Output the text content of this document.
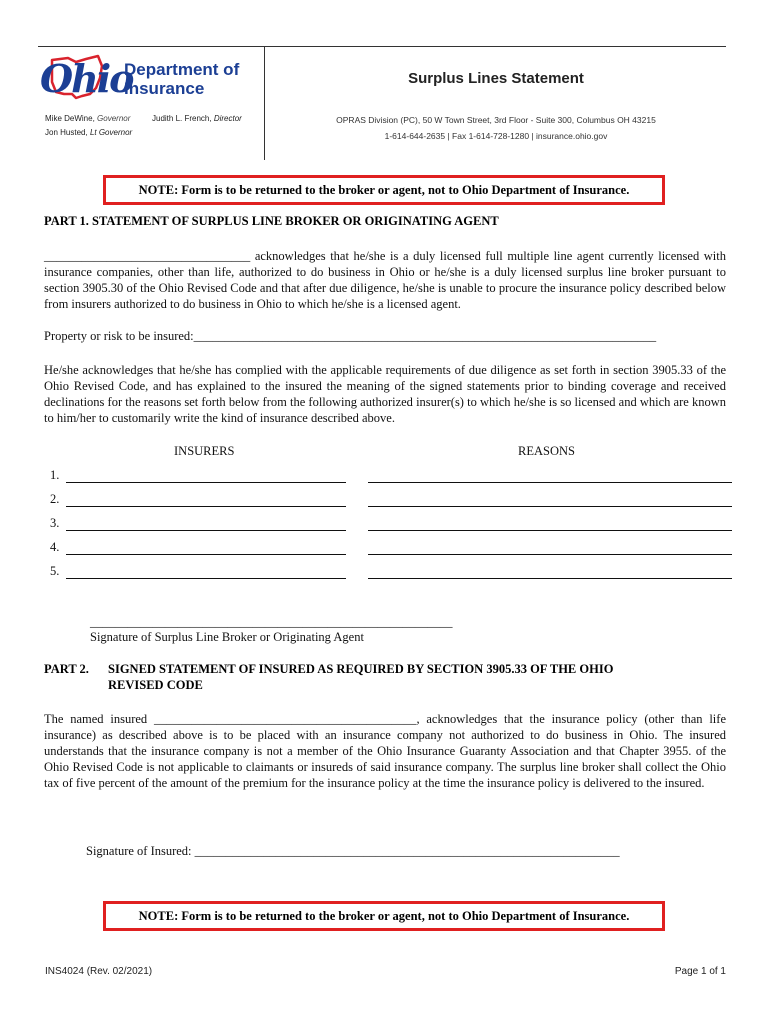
Ohio
Department of
Insurance
Mike DeWine, Governor
Jon Husted, Lt Governor
Judith L. French, Director
Surplus Lines Statement
OPRAS Division (PC), 50 W Town Street, 3rd Floor - Suite 300, Columbus OH 43215
1-614-644-2635 | Fax 1-614-728-1280 | insurance.ohio.gov
NOTE: Form is to be returned to the broker or agent, not to Ohio Department of Insurance.
PART 1. STATEMENT OF SURPLUS LINE BROKER OR ORIGINATING AGENT
_________________________________ acknowledges that he/she is a duly licensed full multiple line agent currently licensed with insurance companies, other than life, authorized to do business in Ohio or he/she is a duly licensed surplus line broker pursuant to section 3905.30 of the Ohio Revised Code and that after due diligence, he/she is unable to procure the insurance policy described below from insurers authorized to do business in Ohio to which he/she is a licensed agent.
Property or risk to be insured:__________________________________________________________________________
He/she acknowledges that he/she has complied with the applicable requirements of due diligence as set forth in section 3905.33 of the Ohio Revised Code, and has explained to the insured the meaning of the signed statements prior to binding coverage and received declinations for the reasons set forth below from the following authorized insurer(s) to which he/she is so licensed and which are known to him/her to customarily write the kind of insurance described above.
INSURERS	REASONS
1.
2.
3.
4.
5.
__________________________________________________________
Signature of Surplus Line Broker or Originating Agent
PART 2. SIGNED STATEMENT OF INSURED AS REQUIRED BY SECTION 3905.33 OF THE OHIO
REVISED CODE
The named insured __________________________________________, acknowledges that the insurance policy (other than life insurance) as described above is to be placed with an insurance company not authorized to do business in Ohio. The insured understands that the insurance company is not a member of the Ohio Insurance Guaranty Association and that Chapter 3955. of the Ohio Revised Code is not applicable to claimants or insureds of said insurance company. The surplus line broker shall collect the Ohio tax of five percent of the amount of the premium for the insurance policy at the time the insurance policy is delivered to the insured.
Signature of Insured: ____________________________________________________________________
NOTE: Form is to be returned to the broker or agent, not to Ohio Department of Insurance.
INS4024 (Rev. 02/2021)	Page 1 of 1
